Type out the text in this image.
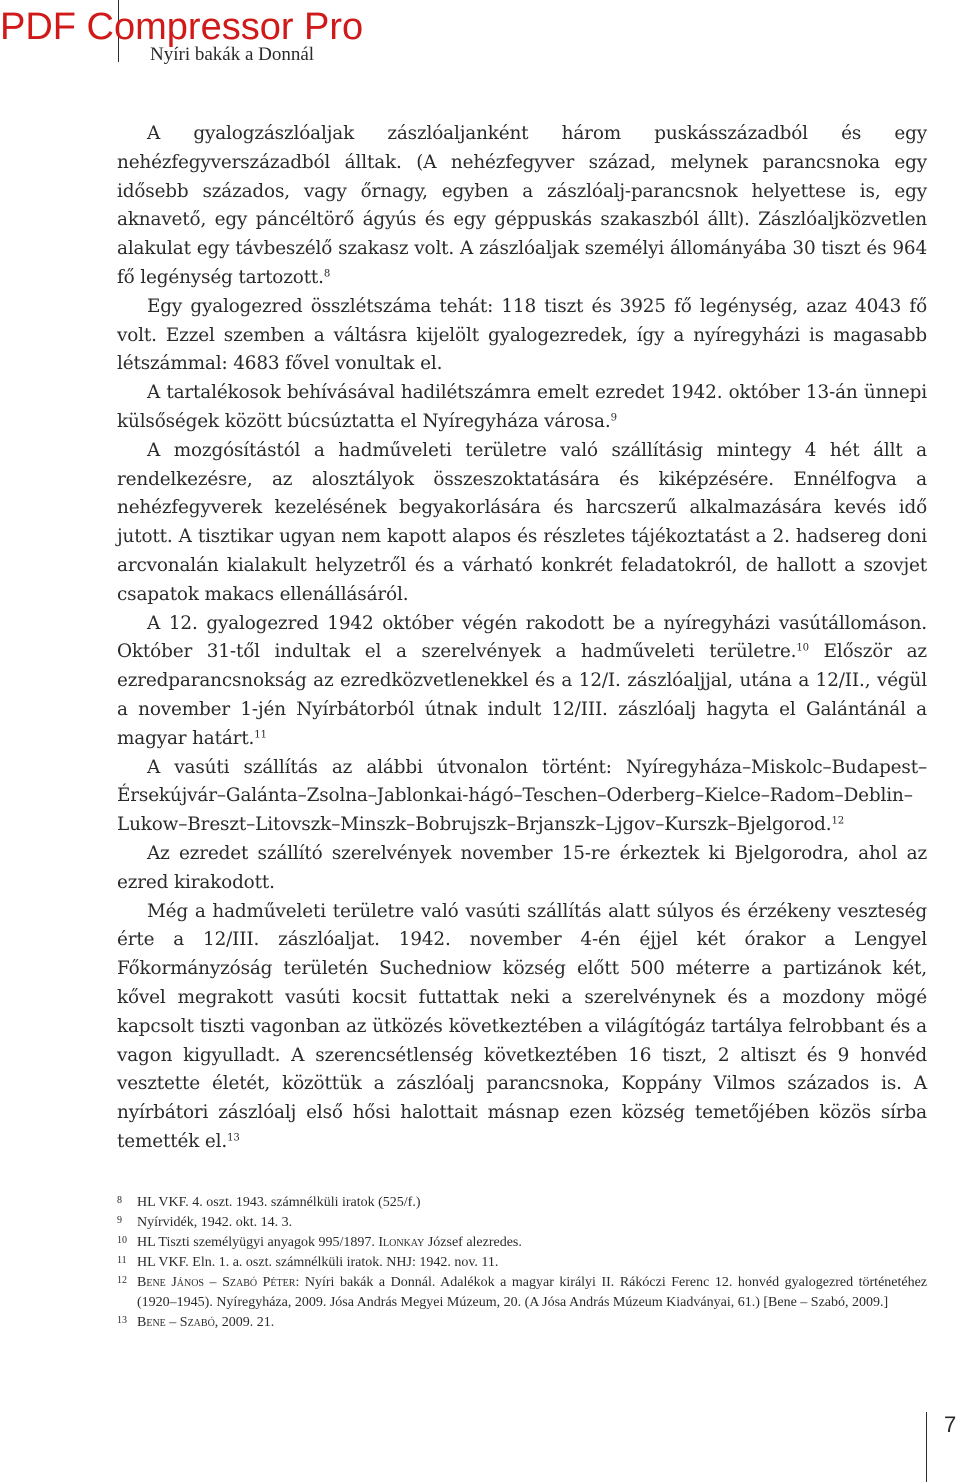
PDF Compressor Pro
Nyíri bakák a Donnál

A gyalogzászlóaljak zászlóaljanként három puskásszázadból és egy nehézfegyverszázadból álltak. (A nehézfegyver század, melynek parancsnoka egy idősebb százados, vagy őrnagy, egyben a zászlóalj-parancsnok helyettese is, egy aknavető, egy páncéltörő ágyús és egy géppuskás szakaszból állt). Zászlóaljközvetlen alakulat egy távbeszélő szakasz volt. A zászlóaljak személyi állományába 30 tiszt és 964 fő legénység tartozott.$^8$

Egy gyalogezred összlétszáma tehát: 118 tiszt és 3925 fő legénység, azaz 4043 fő volt. Ezzel szemben a váltásra kijelölt gyalogezredek, így a nyíregyházi is magasabb létszámmal: 4683 fővel vonultak el.

A tartalékosok behívásával hadilétszámra emelt ezredet 1942. október 13-án ünnepi külsőségek között búcsúztatta el Nyíregyháza városa.$^9$

A mozgósítástól a hadműveleti területre való szállításig mintegy 4 hét állt a rendelkezésre, az alosztályok összeszoktatására és kiképzésére. Ennélfogva a nehézfegyverek kezelésének begyakorlására és harcszerű alkalmazására kevés idő jutott. A tisztikar ugyan nem kapott alapos és részletes tájékoztatást a 2. hadsereg doni arcvonalán kialakult helyzetről és a várható konkrét feladatokról, de hallott a szovjet csapatok makacs ellenállásáról.

A 12. gyalogezred 1942 október végén rakodott be a nyíregyházi vasútállomáson. Október 31-től indultak el a szerelvények a hadműveleti területre.$^{10}$ Először az ezredparancsnokság az ezredközvetlenekkel és a 12/I. zászlóaljjal, utána a 12/II., végül a november 1-jén Nyírbátorból útnak indult 12/III. zászlóalj hagyta el Galántánál a magyar határt.$^{11}$

A vasúti szállítás az alábbi útvonalon történt: Nyíregyháza–Miskolc–Budapest–Érsekújvár–Galánta–Zsolna–Jablonkai-hágó–Teschen–Oderberg–Kielce–Radom–Deblin–Lukow–Breszt–Litovszk–Minszk–Bobrujszk–Brjanszk–Ljgov–Kurszk–Bjelgorod.$^{12}$

Az ezredet szállító szerelvények november 15-re érkeztek ki Bjelgorodra, ahol az ezred kirakodott.

Még a hadműveleti területre való vasúti szállítás alatt súlyos és érzékeny veszteség érte a 12/III. zászlóaljat. 1942. november 4-én éjjel két órakor a Lengyel Főkormányzóság területén Suchedniow község előtt 500 méterre a partizánok két, kővel megrakott vasúti kocsit futtattak neki a szerelvénynek és a mozdony mögé kapcsolt tiszti vagonban az ütközés következtében a világítógáz tartálya felrobbant és a vagon kigyulladt. A szerencsétlenség következtében 16 tiszt, 2 altiszt és 9 honvéd vesztette életét, közöttük a zászlóalj parancsnoka, Koppány Vilmos százados is. A nyírbátori zászlóalj első hősi halottait másnap ezen község temetőjében közös sírba temették el.$^{13}$

8 HL VKF. 4. oszt. 1943. számnélküli iratok (525/f.)
9 Nyírvidék, 1942. okt. 14. 3.
10 HL Tiszti személyügyi anyagok 995/1897. Ilonkay József alezredes.
11 HL VKF. Eln. 1. a. oszt. számnélküli iratok. NHJ: 1942. nov. 11.
12 Bene János – Szabó Péter: Nyíri bakák a Donnál. Adalékok a magyar királyi II. Rákóczi Ferenc 12. honvéd gyalogezred történetéhez (1920–1945). Nyíregyháza, 2009. Jósa András Megyei Múzeum, 20. (A Jósa András Múzeum Kiadványai, 61.) [Bene – Szabó, 2009.]
13 Bene – Szabó, 2009. 21.
7
